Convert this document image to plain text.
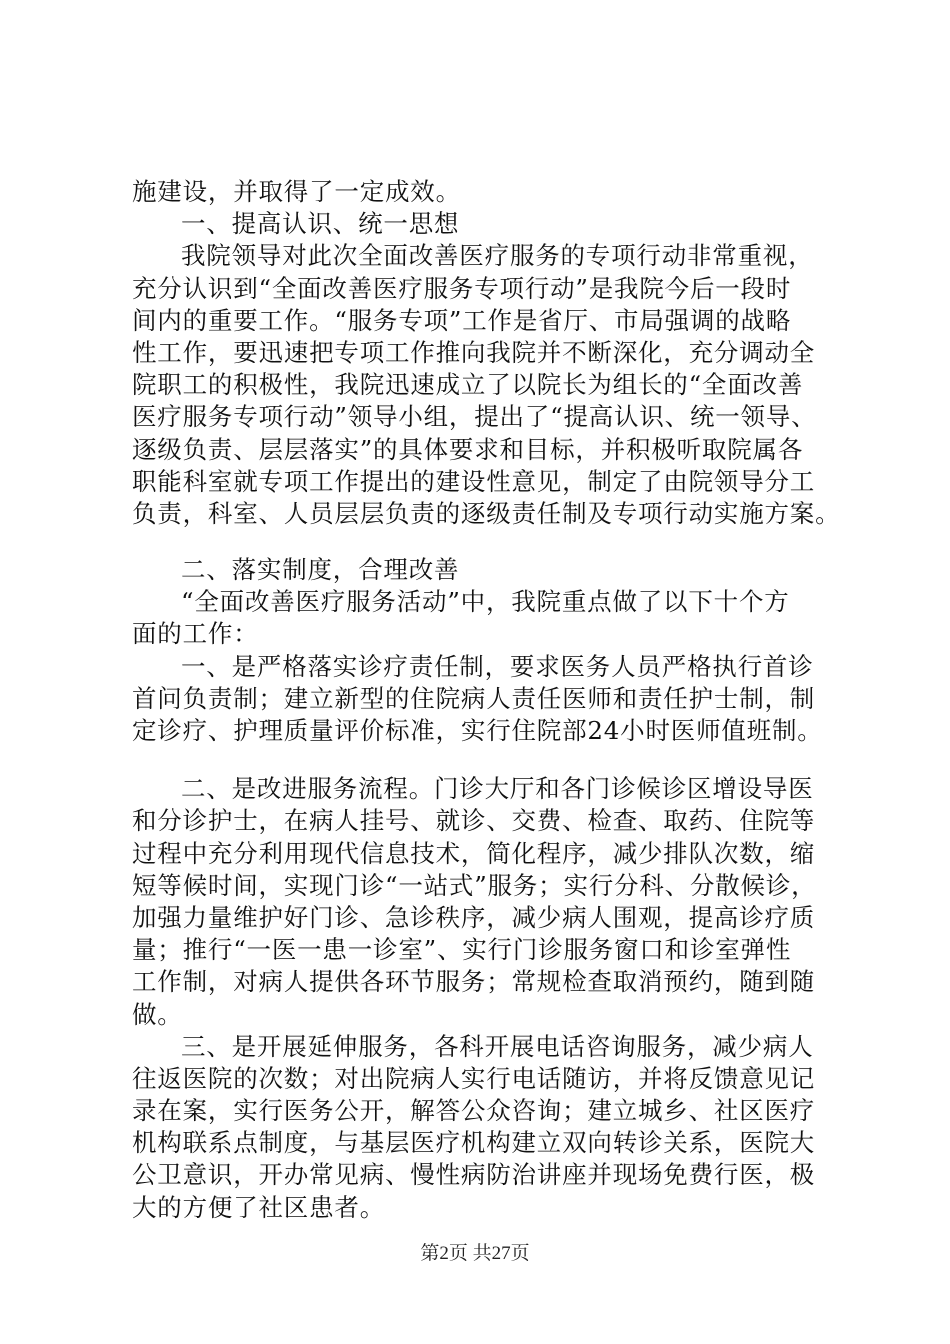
施建设，并取得了一定成效。
一、提高认识、统一思想
我院领导对此次全面改善医疗服务的专项行动非常重视，
充分认识到“全面改善医疗服务专项行动”是我院今后一段时
间内的重要工作。“服务专项”工作是省厅、市局强调的战略
性工作，要迅速把专项工作推向我院并不断深化，充分调动全
院职工的积极性，我院迅速成立了以院长为组长的“全面改善
医疗服务专项行动”领导小组，提出了“提高认识、统一领导、
逐级负责、层层落实”的具体要求和目标，并积极听取院属各
职能科室就专项工作提出的建设性意见，制定了由院领导分工
负责，科室、人员层层负责的逐级责任制及专项行动实施方案。
二、落实制度，合理改善
“全面改善医疗服务活动”中，我院重点做了以下十个方
面的工作：
一、是严格落实诊疗责任制，要求医务人员严格执行首诊
首问负责制；建立新型的住院病人责任医师和责任护士制，制
定诊疗、护理质量评价标准，实行住院部24小时医师值班制。
二、是改进服务流程。门诊大厅和各门诊候诊区增设导医
和分诊护士，在病人挂号、就诊、交费、检查、取药、住院等
过程中充分利用现代信息技术，简化程序，减少排队次数，缩
短等候时间，实现门诊“一站式”服务；实行分科、分散候诊，
加强力量维护好门诊、急诊秩序，减少病人围观，提高诊疗质
量；推行“一医一患一诊室”、实行门诊服务窗口和诊室弹性
工作制，对病人提供各环节服务；常规检查取消预约，随到随
做。
三、是开展延伸服务，各科开展电话咨询服务，减少病人
往返医院的次数；对出院病人实行电话随访，并将反馈意见记
录在案，实行医务公开，解答公众咨询；建立城乡、社区医疗
机构联系点制度，与基层医疗机构建立双向转诊关系，医院大
公卫意识，开办常见病、慢性病防治讲座并现场免费行医，极
大的方便了社区患者。
第2页 共27页
